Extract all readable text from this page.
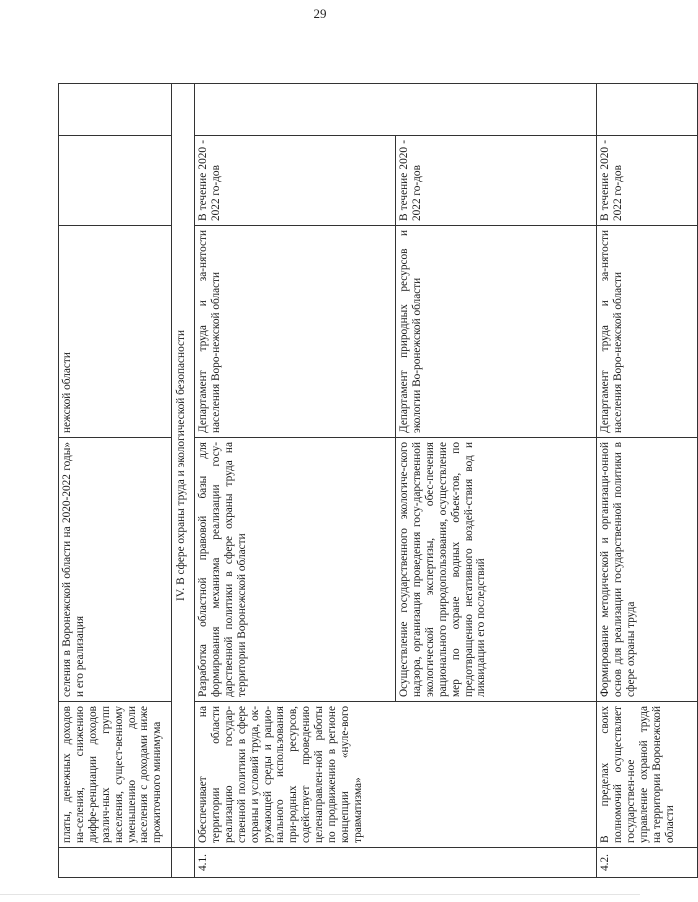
29

	платы, денежных доходов на-селения, снижению диффе-ренциации доходов различ-ных групп населения, сущест-венному уменьшению доли населения с доходами ниже прожиточного минимума	селения в Воронежской области на 2020-2022 годы» и его реализация	нежской области		

	IV. В сфере охраны труда и экологической безопасности				
4.1.	Обеспечивает на территории области реализацию государ-ственной политики в сфере охраны и условий труда, ок-ружающей среды и рацио-нального использования при-родных ресурсов, содействует проведению целенаправлен-ной работы по продвижению в регионе концепции «нуле-вого травматизма»	Разработка областной правовой базы для формирования механизма реализации госу-дарственной политики в сфере охраны труда на территории Воронежской области	Департамент труда и за-нятости населения Воро-нежской области	В течение 2020 - 2022 го-дов	

		Осуществление государственного экологиче-ского надзора, организация проведения госу-дарственной экологической экспертизы, обес-печения рационального природопользования, осуществление мер по охране водных объек-тов, по предотвращению негативного воздей-ствия вод и ликвидации его последствий	Департамент природных ресурсов и экологии Во-ронежской области	В течение 2020 - 2022 го-дов	

4.2.	В пределах своих полномочий осуществляет государствен-ное управление охраной труда на территории Воронежской области	Формирование методической и организаци-онной основ для реализации государственной политики в сфере охраны труда	Департамент труда и за-нятости населения Воро-нежской области	В течение 2020 - 2022 го-дов	
